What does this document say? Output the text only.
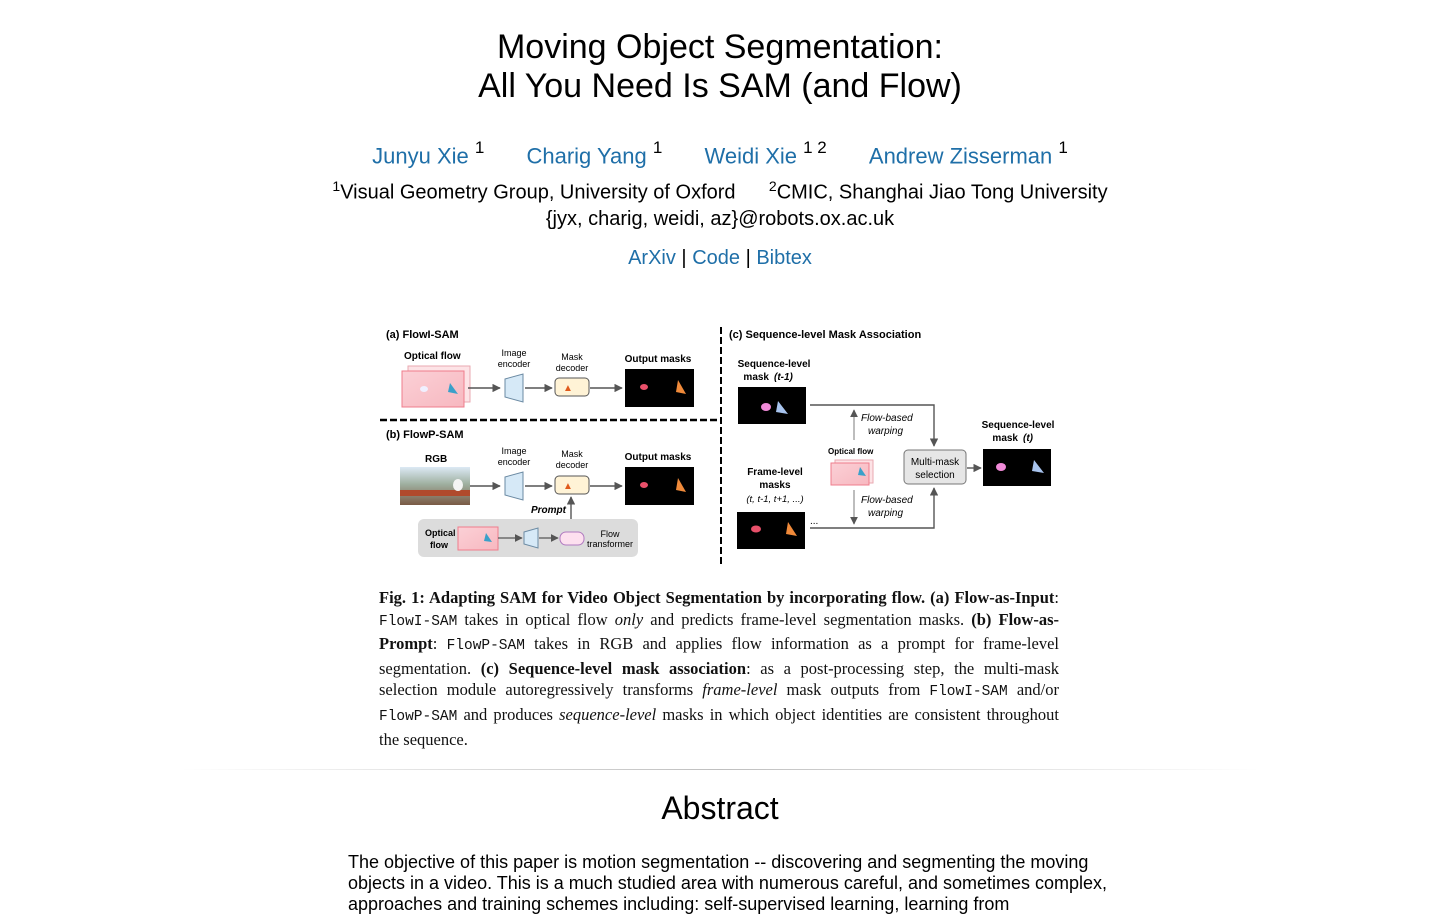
Moving Object Segmentation:
All You Need Is SAM (and Flow)
Junyu Xie $^1$ Charig Yang $^1$ Weidi Xie $^{1 2}$ Andrew Zisserman $^1$
$^1$Visual Geometry Group, University of Oxford $^2$CMIC, Shanghai Jiao Tong University
{jyx, charig, weidi, az}@robots.ox.ac.uk
ArXiv | Code | Bibtex
(a) FlowI-SAM
Optical flow	Image
encoder
Mask
decoder
▲
Output masks
(b) FlowP-SAM
RGB
Image
encoder
Mask
decoder
▲
Output masks
Prompt
Optical
flow
Flow
transformer
(c) Sequence-level Mask Association
Sequence-level
mask (t-1)
Flow-based
warping
Optical flow
Multi-mask
selection
Sequence-level
mask (t)
Frame-level
masks
(t, t-1, t+1, ...)
...
Flow-based
warping
Fig. 1: Adapting SAM for Video Object Segmentation by incorporating flow. (a) Flow-as-Input: FlowI-SAM takes in optical flow only and predicts frame-level segmentation masks. (b) Flow-as-Prompt: FlowP-SAM takes in RGB and applies flow information as a prompt for frame-level segmentation. (c) Sequence-level mask association: as a post-processing step, the multi-mask selection module autoregressively transforms frame-level mask outputs from FlowI-SAM and/or FlowP-SAM and produces sequence-level masks in which object identities are consistent throughout the sequence.
Abstract
The objective of this paper is motion segmentation -- discovering and segmenting the moving objects in a video. This is a much studied area with numerous careful, and sometimes complex, approaches and training schemes including: self-supervised learning, learning from
